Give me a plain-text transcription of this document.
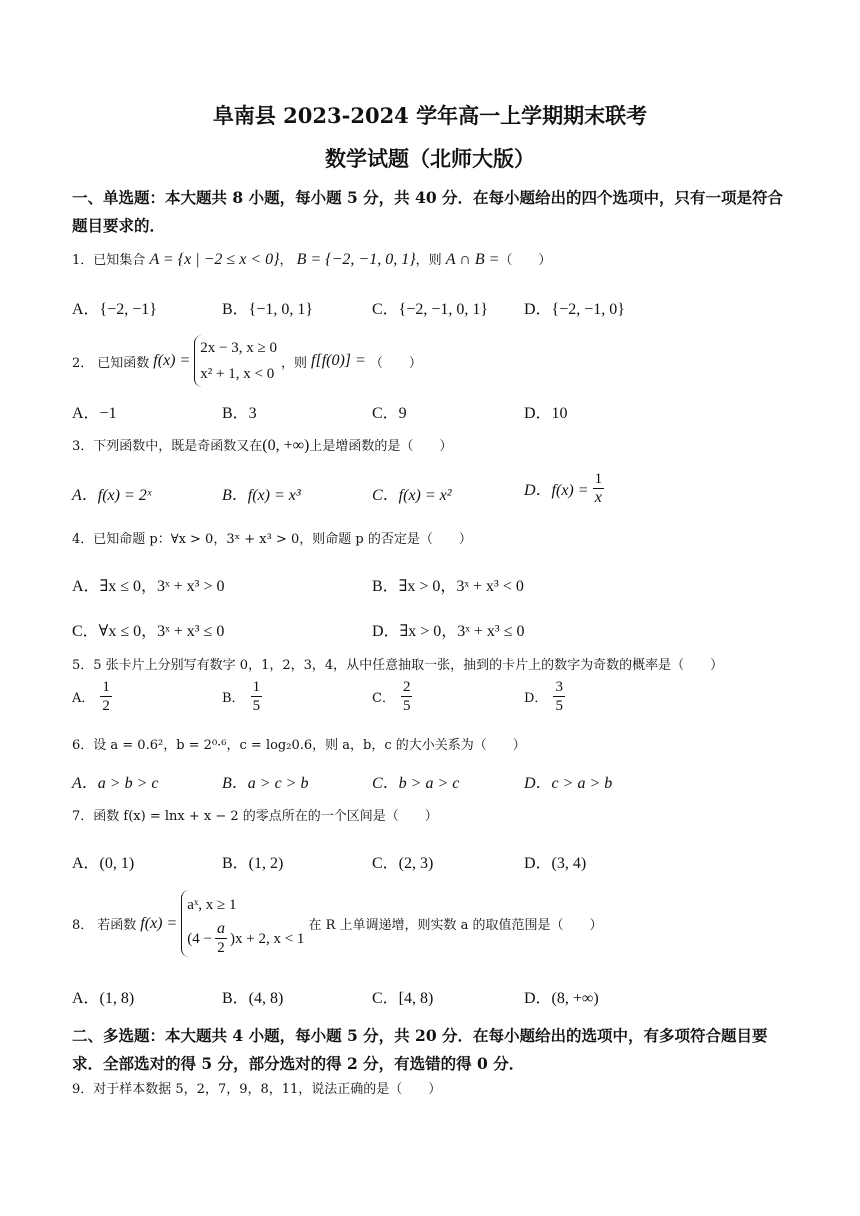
阜南县 2023-2024 学年高一上学期期末联考
数学试题（北师大版）
一、单选题：本大题共 8 小题，每小题 5 分，共 40 分．在每小题给出的四个选项中，只有一项是符合题目要求的．
1．已知集合 A = {x | −2 ≤ x < 0}， B = {−2, −1, 0, 1}，则 A ∩ B =（　　）
A．{−2, −1}	B．{−1, 0, 1}	C．{−2, −1, 0, 1} D．{−2, −1, 0}
2． 已知函数 f(x) =
2x − 3, x ≥ 0
x² + 1, x < 0
，则 f[f(0)] = （　　）
A．−1	B．3	C．9	D．10
3．下列函数中，既是奇函数又在(0, +∞)上是增函数的是（　　）
A．f(x) = 2ˣ	B．f(x) = x³	C．f(x) = x²	D．$f(x) = \frac{1}{x}$
4．已知命题 p：∀x > 0，3ˣ + x³ > 0，则命题 p 的否定是（　　）
A．∃x ≤ 0，3ˣ + x³ > 0	B．∃x > 0，3ˣ + x³ < 0
C．∀x ≤ 0，3ˣ + x³ ≤ 0	D．∃x > 0，3ˣ + x³ ≤ 0
5．5 张卡片上分别写有数字 0，1，2，3，4，从中任意抽取一张，抽到的卡片上的数字为奇数的概率是（　　）
A． $\frac{1}{2}$	B． $\frac{1}{5}$	C． $\frac{2}{5}$	D． $\frac{3}{5}$
6．设 a = 0.6²，b = 2⁰·⁶，c = log₂0.6，则 a，b，c 的大小关系为（　　）
A．a > b > c	B．a > c > b	C．b > a > c	D．c > a > b
7．函数 f(x) = lnx + x − 2 的零点所在的一个区间是（　　）
A．(0, 1)	B．(1, 2)	C．(2, 3)	D．(3, 4)
8． 若函数 f(x) =
aˣ, x ≥ 1
$(4 - \frac{a}{2} )x + 2$, x < 1
在 R 上单调递增，则实数 a 的取值范围是（　　）
A．(1, 8)	B．(4, 8)	C．[4, 8)	D．(8, +∞)
二、多选题：本大题共 4 小题，每小题 5 分，共 20 分．在每小题给出的选项中，有多项符合题目要求．全部选对的得 5 分，部分选对的得 2 分，有选错的得 0 分．
9．对于样本数据 5，2，7，9，8，11，说法正确的是（　　）
